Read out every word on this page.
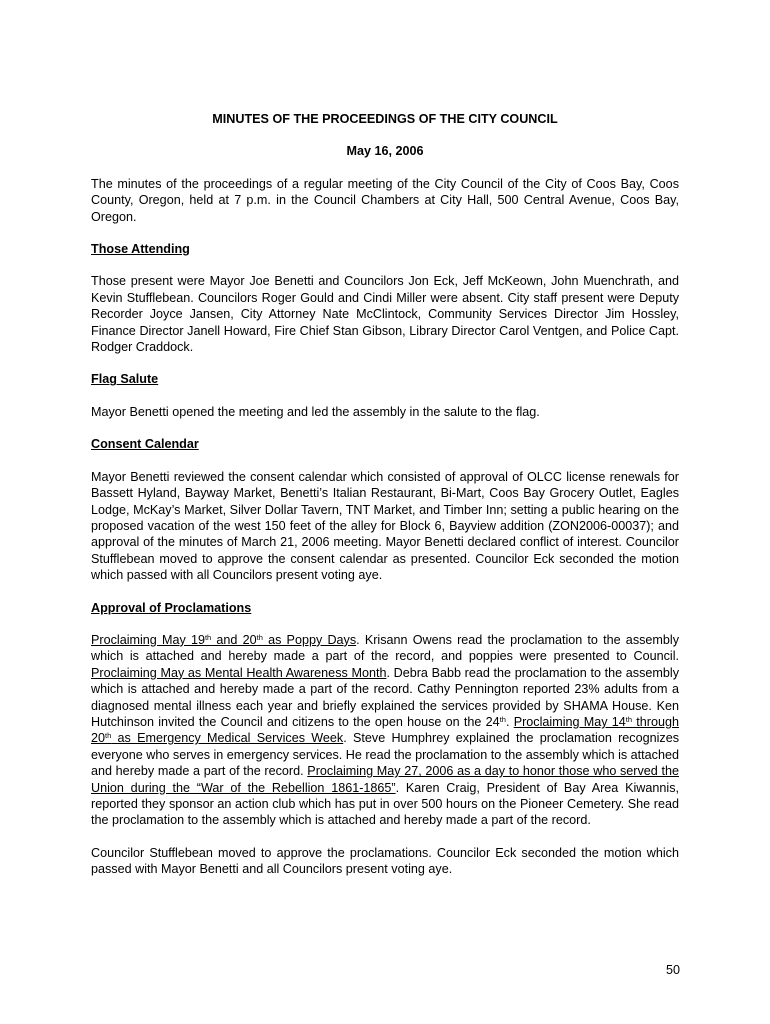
MINUTES OF THE PROCEEDINGS OF THE CITY COUNCIL

May 16, 2006

The minutes of the proceedings of a regular meeting of the City Council of the City of Coos Bay, Coos County, Oregon, held at 7 p.m. in the Council Chambers at City Hall, 500 Central Avenue, Coos Bay, Oregon.

Those Attending

Those present were Mayor Joe Benetti and Councilors Jon Eck, Jeff McKeown, John Muenchrath, and Kevin Stufflebean. Councilors Roger Gould and Cindi Miller were absent. City staff present were Deputy Recorder Joyce Jansen, City Attorney Nate McClintock, Community Services Director Jim Hossley, Finance Director Janell Howard, Fire Chief Stan Gibson, Library Director Carol Ventgen, and Police Capt. Rodger Craddock.

Flag Salute

Mayor Benetti opened the meeting and led the assembly in the salute to the flag.

Consent Calendar

Mayor Benetti reviewed the consent calendar which consisted of approval of OLCC license renewals for Bassett Hyland, Bayway Market, Benetti’s Italian Restaurant, Bi-Mart, Coos Bay Grocery Outlet, Eagles Lodge, McKay’s Market, Silver Dollar Tavern, TNT Market, and Timber Inn; setting a public hearing on the proposed vacation of the west 150 feet of the alley for Block 6, Bayview addition (ZON2006-00037); and approval of the minutes of March 21, 2006 meeting. Mayor Benetti declared conflict of interest. Councilor Stufflebean moved to approve the consent calendar as presented. Councilor Eck seconded the motion which passed with all Councilors present voting aye.

Approval of Proclamations

Proclaiming May 19th and 20th as Poppy Days. Krisann Owens read the proclamation to the assembly which is attached and hereby made a part of the record, and poppies were presented to Council. Proclaiming May as Mental Health Awareness Month. Debra Babb read the proclamation to the assembly which is attached and hereby made a part of the record. Cathy Pennington reported 23% adults from a diagnosed mental illness each year and briefly explained the services provided by SHAMA House. Ken Hutchinson invited the Council and citizens to the open house on the 24th. Proclaiming May 14th through 20th as Emergency Medical Services Week. Steve Humphrey explained the proclamation recognizes everyone who serves in emergency services. He read the proclamation to the assembly which is attached and hereby made a part of the record. Proclaiming May 27, 2006 as a day to honor those who served the Union during the “War of the Rebellion 1861-1865”. Karen Craig, President of Bay Area Kiwannis, reported they sponsor an action club which has put in over 500 hours on the Pioneer Cemetery. She read the proclamation to the assembly which is attached and hereby made a part of the record.

Councilor Stufflebean moved to approve the proclamations. Councilor Eck seconded the motion which passed with Mayor Benetti and all Councilors present voting aye.

50
